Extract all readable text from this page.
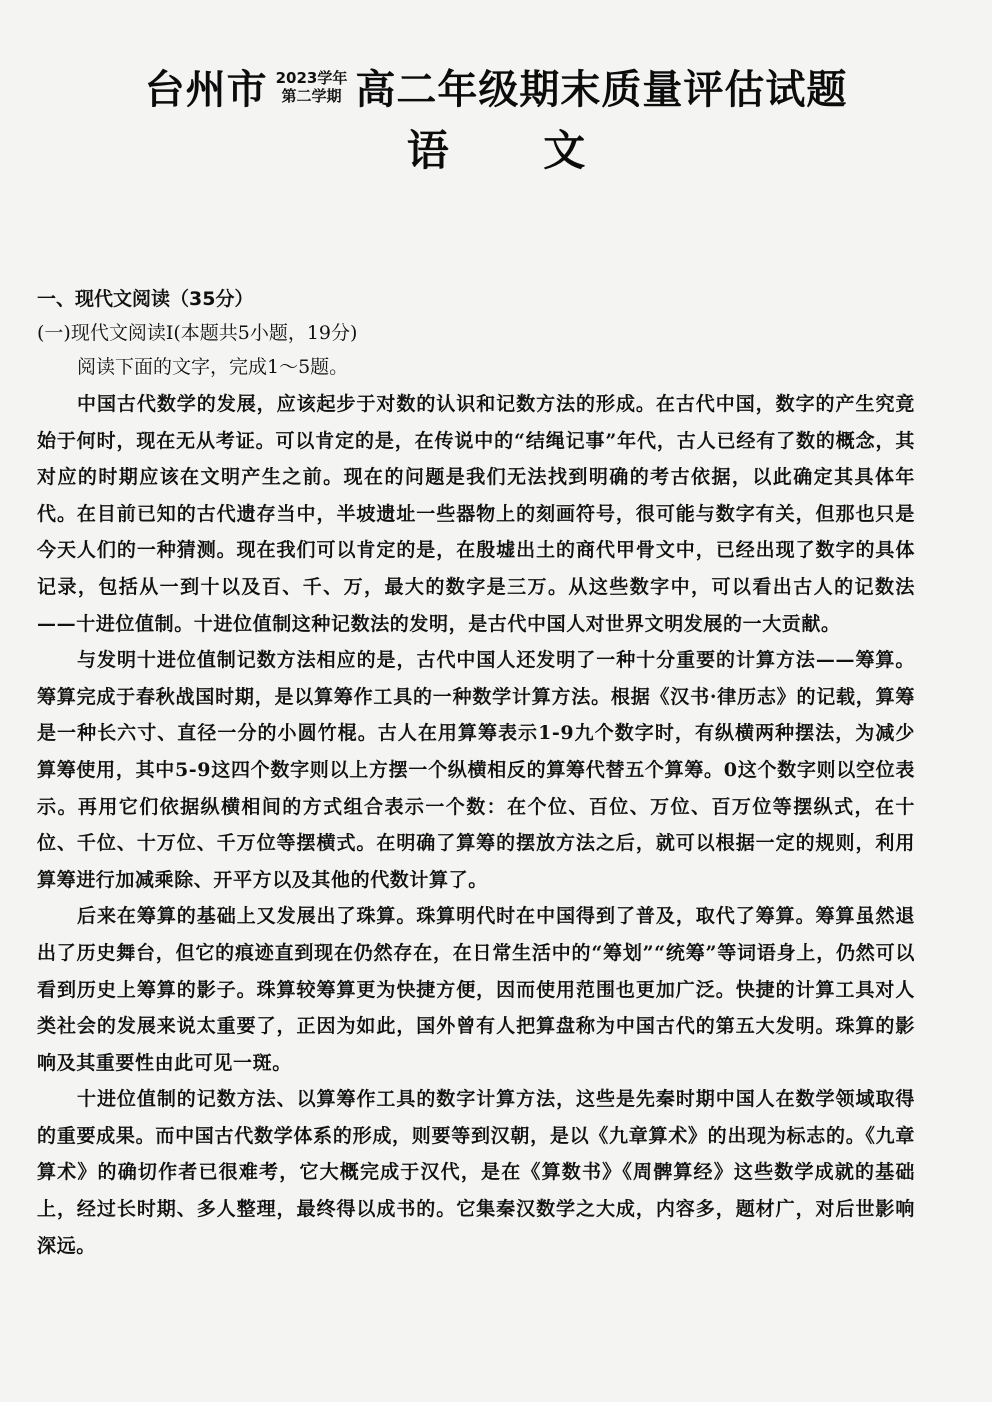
台州市 2023学年
第二学期 高二年级期末质量评估试题
语 文
一、现代文阅读（35分）
(一)现代文阅读Ⅰ(本题共5小题，19分)
阅读下面的文字，完成1～5题。

中国古代数学的发展，应该起步于对数的认识和记数方法的形成。在古代中国，数字的产生究竟始于何时，现在无从考证。可以肯定的是，在传说中的“结绳记事”年代，古人已经有了数的概念，其对应的时期应该在文明产生之前。现在的问题是我们无法找到明确的考古依据，以此确定其具体年代。在目前已知的古代遗存当中，半坡遗址一些器物上的刻画符号，很可能与数字有关，但那也只是今天人们的一种猜测。现在我们可以肯定的是，在殷墟出土的商代甲骨文中，已经出现了数字的具体记录，包括从一到十以及百、千、万，最大的数字是三万。从这些数字中，可以看出古人的记数法——十进位值制。十进位值制这种记数法的发明，是古代中国人对世界文明发展的一大贡献。

与发明十进位值制记数方法相应的是，古代中国人还发明了一种十分重要的计算方法——筹算。筹算完成于春秋战国时期，是以算筹作工具的一种数学计算方法。根据《汉书·律历志》的记载，算筹是一种长六寸、直径一分的小圆竹棍。古人在用算筹表示1-9九个数字时，有纵横两种摆法，为减少算筹使用，其中5-9这四个数字则以上方摆一个纵横相反的算筹代替五个算筹。0这个数字则以空位表示。再用它们依据纵横相间的方式组合表示一个数：在个位、百位、万位、百万位等摆纵式，在十位、千位、十万位、千万位等摆横式。在明确了算筹的摆放方法之后，就可以根据一定的规则，利用算筹进行加减乘除、开平方以及其他的代数计算了。

后来在筹算的基础上又发展出了珠算。珠算明代时在中国得到了普及，取代了筹算。筹算虽然退出了历史舞台，但它的痕迹直到现在仍然存在，在日常生活中的“筹划”“统筹”等词语身上，仍然可以看到历史上筹算的影子。珠算较筹算更为快捷方便，因而使用范围也更加广泛。快捷的计算工具对人类社会的发展来说太重要了，正因为如此，国外曾有人把算盘称为中国古代的第五大发明。珠算的影响及其重要性由此可见一斑。

十进位值制的记数方法、以算筹作工具的数字计算方法，这些是先秦时期中国人在数学领域取得的重要成果。而中国古代数学体系的形成，则要等到汉朝，是以《九章算术》的出现为标志的。《九章算术》的确切作者已很难考，它大概完成于汉代，是在《算数书》《周髀算经》这些数学成就的基础上，经过长时期、多人整理，最终得以成书的。它集秦汉数学之大成，内容多，题材广，对后世影响深远。
